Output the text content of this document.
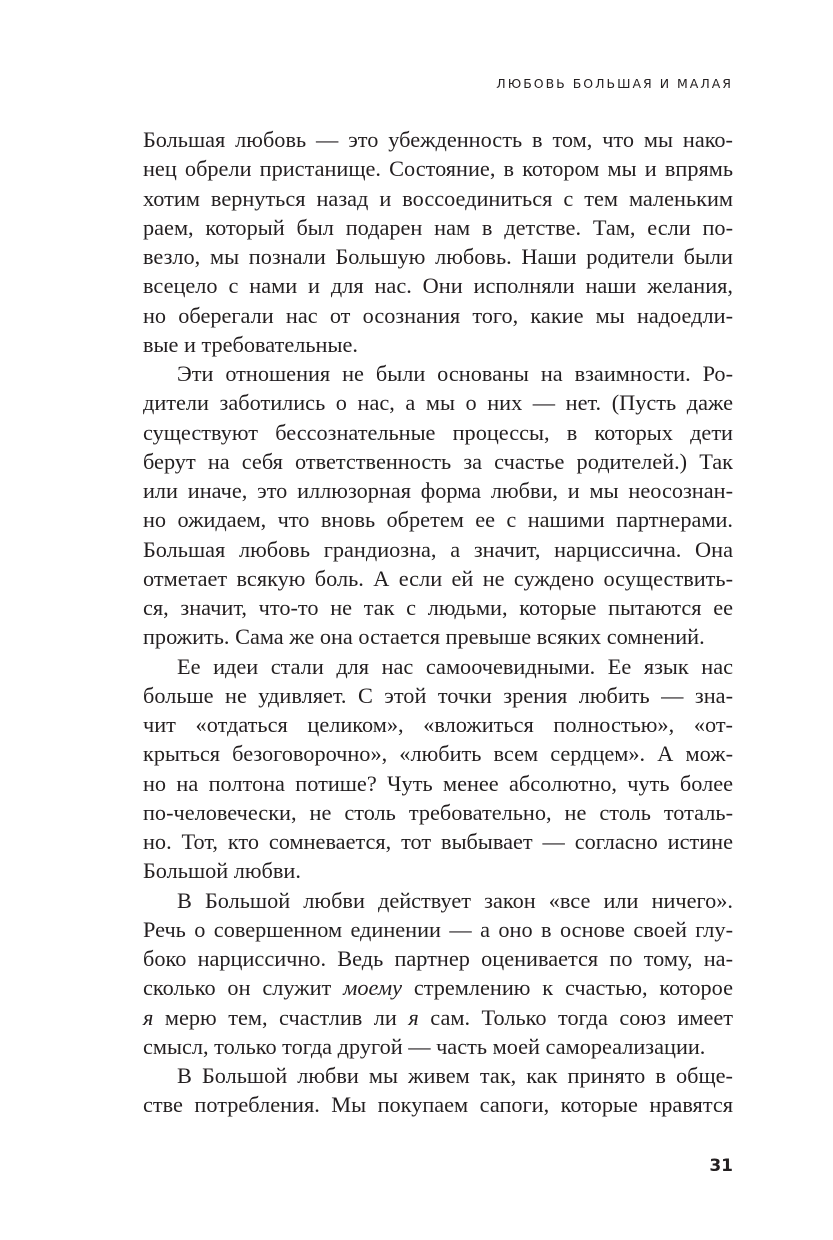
ЛЮБОВЬ БОЛЬШАЯ И МАЛАЯ
Большая любовь — это убежденность в том, что мы нако-
нец обрели пристанище. Состояние, в котором мы и впрямь
хотим вернуться назад и воссоединиться с тем маленьким
раем, который был подарен нам в детстве. Там, если по-
везло, мы познали Большую любовь. Наши родители были
всецело с нами и для нас. Они исполняли наши желания,
но оберегали нас от осознания того, какие мы надоедли-
вые и требовательные.
Эти отношения не были основаны на взаимности. Ро-
дители заботились о нас, а мы о них — нет. (Пусть даже
существуют бессознательные процессы, в которых дети
берут на себя ответственность за счастье родителей.) Так
или иначе, это иллюзорная форма любви, и мы неосознан-
но ожидаем, что вновь обретем ее с нашими партнерами.
Большая любовь грандиозна, а значит, нарциссична. Она
отметает всякую боль. А если ей не суждено осуществить-
ся, значит, что-то не так с людьми, которые пытаются ее
прожить. Сама же она остается превыше всяких сомнений.
Ее идеи стали для нас самоочевидными. Ее язык нас
больше не удивляет. С этой точки зрения любить — зна-
чит «отдаться целиком», «вложиться полностью», «от-
крыться безоговорочно», «любить всем сердцем». А мож-
но на полтона потише? Чуть менее абсолютно, чуть более
по-человечески, не столь требовательно, не столь тоталь-
но. Тот, кто сомневается, тот выбывает — согласно истине
Большой любви.
В Большой любви действует закон «все или ничего».
Речь о совершенном единении — а оно в основе своей глу-
боко нарциссично. Ведь партнер оценивается по тому, на-
сколько он служит моему стремлению к счастью, которое
я мерю тем, счастлив ли я сам. Только тогда союз имеет
смысл, только тогда другой — часть моей самореализации.
В Большой любви мы живем так, как принято в обще-
стве потребления. Мы покупаем сапоги, которые нравятся
31
